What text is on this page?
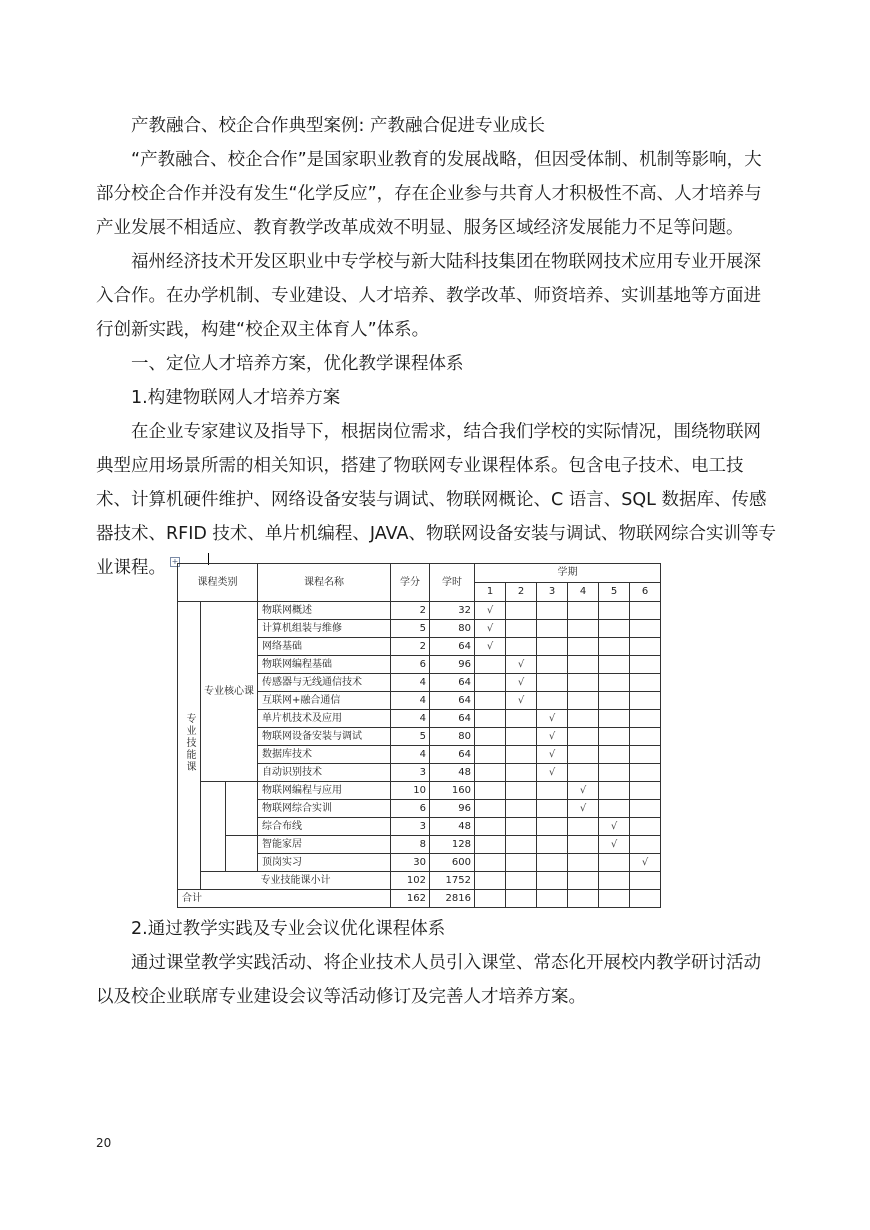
产教融合、校企合作典型案例: 产教融合促进专业成长
“产教融合、校企合作”是国家职业教育的发展战略，但因受体制、机制等影响，大部分校企合作并没有发生“化学反应”，存在企业参与共育人才积极性不高、人才培养与产业发展不相适应、教育教学改革成效不明显、服务区域经济发展能力不足等问题。
福州经济技术开发区职业中专学校与新大陆科技集团在物联网技术应用专业开展深入合作。在办学机制、专业建设、人才培养、教学改革、师资培养、实训基地等方面进行创新实践，构建“校企双主体育人”体系。
一、定位人才培养方案，优化教学课程体系
1.构建物联网人才培养方案
在企业专家建议及指导下，根据岗位需求，结合我们学校的实际情况，围绕物联网典型应用场景所需的相关知识，搭建了物联网专业课程体系。包含电子技术、电工技术、计算机硬件维护、网络设备安装与调试、物联网概论、C 语言、SQL 数据库、传感器技术、RFID 技术、单片机编程、JAVA、物联网设备安装与调试、物联网综合实训等专业课程。 +
课程类别			课程名称	学分	学时	学期					
						1	2	3	4	5	6
专业技能课	专业核心课		物联网概述	2	32	√					
			计算机组装与维修	5	80	√					
			网络基础	2	64	√					
			物联网编程基础	6	96		√				
			传感器与无线通信技术	4	64		√				
			互联网+融合通信	4	64		√				
			单片机技术及应用	4	64			√			
			物联网设备安装与调试	5	80			√			
			数据库技术	4	64			√			
			自动识别技术	3	48			√			
			物联网编程与应用	10	160				√		
			物联网综合实训	6	96				√		
			综合布线	3	48					√	
			智能家居	8	128					√	
			顶岗实习	30	600						√
	专业技能课小计			102	1752						
合计				162	2816						
2.通过教学实践及专业会议优化课程体系
通过课堂教学实践活动、将企业技术人员引入课堂、常态化开展校内教学研讨活动以及校企业联席专业建设会议等活动修订及完善人才培养方案。
20
